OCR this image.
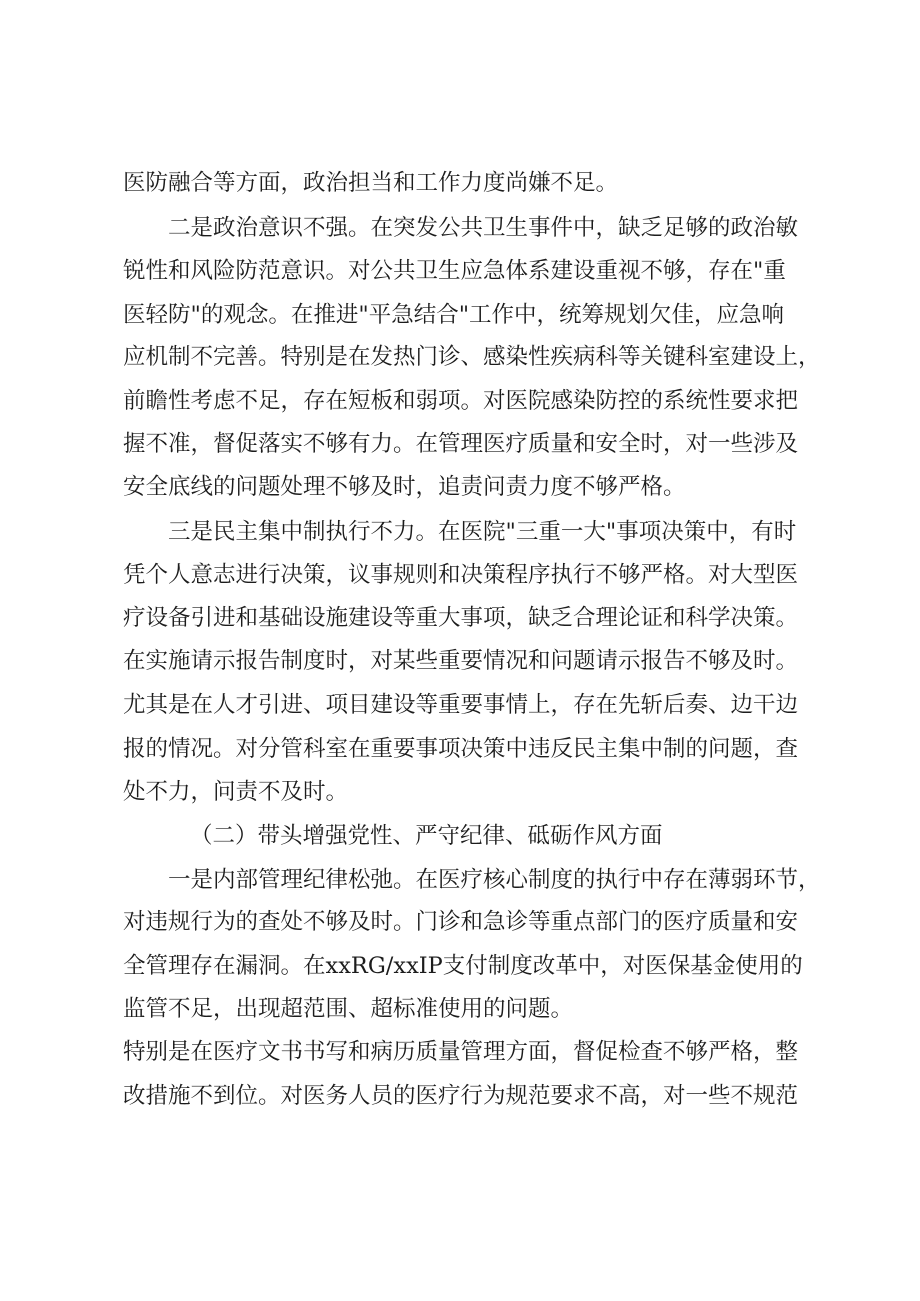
医防融合等方面，政治担当和工作力度尚嫌不足。
二是政治意识不强。在突发公共卫生事件中，缺乏足够的政治敏
锐性和风险防范意识。对公共卫生应急体系建设重视不够，存在"重
医轻防"的观念。在推进"平急结合"工作中，统筹规划欠佳，应急响
应机制不完善。特别是在发热门诊、感染性疾病科等关键科室建设上，
前瞻性考虑不足，存在短板和弱项。对医院感染防控的系统性要求把
握不准，督促落实不够有力。在管理医疗质量和安全时，对一些涉及
安全底线的问题处理不够及时，追责问责力度不够严格。
三是民主集中制执行不力。在医院"三重一大"事项决策中，有时
凭个人意志进行决策，议事规则和决策程序执行不够严格。对大型医
疗设备引进和基础设施建设等重大事项，缺乏合理论证和科学决策。
在实施请示报告制度时，对某些重要情况和问题请示报告不够及时。
尤其是在人才引进、项目建设等重要事情上，存在先斩后奏、边干边
报的情况。对分管科室在重要事项决策中违反民主集中制的问题，查
处不力，问责不及时。
（二）带头增强党性、严守纪律、砥砺作风方面
一是内部管理纪律松弛。在医疗核心制度的执行中存在薄弱环节，
对违规行为的查处不够及时。门诊和急诊等重点部门的医疗质量和安
全管理存在漏洞。在xxRG/xxIP支付制度改革中，对医保基金使用的
监管不足，出现超范围、超标准使用的问题。
特别是在医疗文书书写和病历质量管理方面，督促检查不够严格，整
改措施不到位。对医务人员的医疗行为规范要求不高，对一些不规范
